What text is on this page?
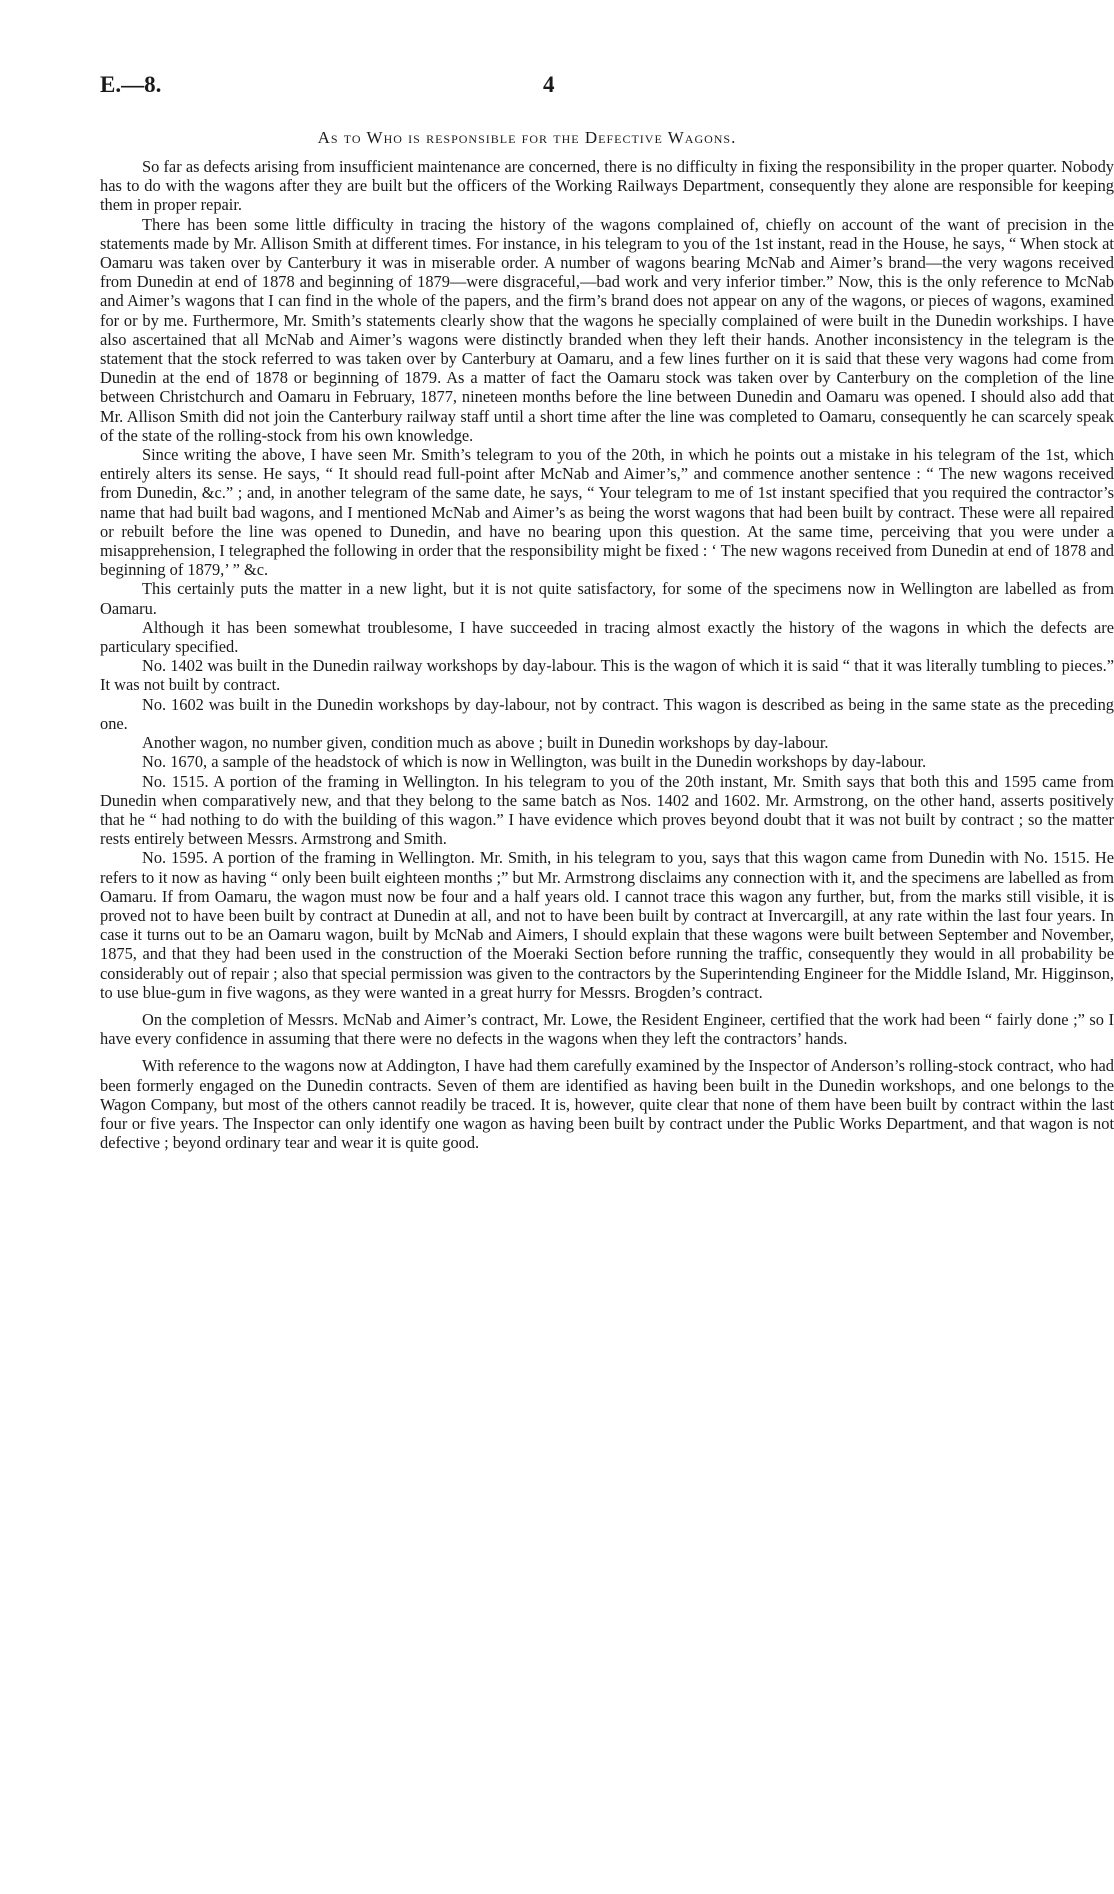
E.—8.	4
As to Who is responsible for the Defective Wagons.

So far as defects arising from insufficient maintenance are concerned, there is no difficulty in fixing the responsibility in the proper quarter. Nobody has to do with the wagons after they are built but the officers of the Working Railways Department, consequently they alone are responsible for keeping them in proper repair.

There has been some little difficulty in tracing the history of the wagons complained of, chiefly on account of the want of precision in the statements made by Mr. Allison Smith at different times. For instance, in his telegram to you of the 1st instant, read in the House, he says, “ When stock at Oamaru was taken over by Canterbury it was in miserable order. A number of wagons bearing McNab and Aimer’s brand—the very wagons received from Dunedin at end of 1878 and beginning of 1879—were disgraceful,—bad work and very inferior timber.” Now, this is the only reference to McNab and Aimer’s wagons that I can find in the whole of the papers, and the firm’s brand does not appear on any of the wagons, or pieces of wagons, examined for or by me. Furthermore, Mr. Smith’s statements clearly show that the wagons he specially complained of were built in the Dunedin workships. I have also ascertained that all McNab and Aimer’s wagons were distinctly branded when they left their hands. Another inconsistency in the telegram is the statement that the stock referred to was taken over by Canterbury at Oamaru, and a few lines further on it is said that these very wagons had come from Dunedin at the end of 1878 or beginning of 1879. As a matter of fact the Oamaru stock was taken over by Canterbury on the completion of the line between Christchurch and Oamaru in February, 1877, nineteen months before the line between Dunedin and Oamaru was opened. I should also add that Mr. Allison Smith did not join the Canterbury railway staff until a short time after the line was completed to Oamaru, consequently he can scarcely speak of the state of the rolling-stock from his own knowledge.

Since writing the above, I have seen Mr. Smith’s telegram to you of the 20th, in which he points out a mistake in his telegram of the 1st, which entirely alters its sense. He says, “ It should read full-point after McNab and Aimer’s,” and commence another sentence : “ The new wagons received from Dunedin, &c.” ; and, in another telegram of the same date, he says, “ Your telegram to me of 1st instant specified that you required the contractor’s name that had built bad wagons, and I mentioned McNab and Aimer’s as being the worst wagons that had been built by contract. These were all repaired or rebuilt before the line was opened to Dunedin, and have no bearing upon this question. At the same time, perceiving that you were under a misapprehension, I telegraphed the following in order that the responsibility might be fixed : ‘ The new wagons received from Dunedin at end of 1878 and beginning of 1879,’ ” &c.

This certainly puts the matter in a new light, but it is not quite satisfactory, for some of the specimens now in Wellington are labelled as from Oamaru.

Although it has been somewhat troublesome, I have succeeded in tracing almost exactly the history of the wagons in which the defects are particulary specified.

No. 1402 was built in the Dunedin railway workshops by day-labour. This is the wagon of which it is said “ that it was literally tumbling to pieces.” It was not built by contract.

No. 1602 was built in the Dunedin workshops by day-labour, not by contract. This wagon is described as being in the same state as the preceding one.

Another wagon, no number given, condition much as above ; built in Dunedin workshops by day-labour.

No. 1670, a sample of the headstock of which is now in Wellington, was built in the Dunedin workshops by day-labour.

No. 1515. A portion of the framing in Wellington. In his telegram to you of the 20th instant, Mr. Smith says that both this and 1595 came from Dunedin when comparatively new, and that they belong to the same batch as Nos. 1402 and 1602. Mr. Armstrong, on the other hand, asserts positively that he “ had nothing to do with the building of this wagon.” I have evidence which proves beyond doubt that it was not built by contract ; so the matter rests entirely between Messrs. Armstrong and Smith.

No. 1595. A portion of the framing in Wellington. Mr. Smith, in his telegram to you, says that this wagon came from Dunedin with No. 1515. He refers to it now as having “ only been built eighteen months ;” but Mr. Armstrong disclaims any connection with it, and the specimens are labelled as from Oamaru. If from Oamaru, the wagon must now be four and a half years old. I cannot trace this wagon any further, but, from the marks still visible, it is proved not to have been built by contract at Dunedin at all, and not to have been built by contract at Invercargill, at any rate within the last four years. In case it turns out to be an Oamaru wagon, built by McNab and Aimers, I should explain that these wagons were built between September and November, 1875, and that they had been used in the construction of the Moeraki Section before running the traffic, consequently they would in all probability be considerably out of repair ; also that special permission was given to the contractors by the Superintending Engineer for the Middle Island, Mr. Higginson, to use blue-gum in five wagons, as they were wanted in a great hurry for Messrs. Brogden’s contract.

On the completion of Messrs. McNab and Aimer’s contract, Mr. Lowe, the Resident Engineer, certified that the work had been “ fairly done ;” so I have every confidence in assuming that there were no defects in the wagons when they left the contractors’ hands.

With reference to the wagons now at Addington, I have had them carefully examined by the Inspector of Anderson’s rolling-stock contract, who had been formerly engaged on the Dunedin contracts. Seven of them are identified as having been built in the Dunedin workshops, and one belongs to the Wagon Company, but most of the others cannot readily be traced. It is, however, quite clear that none of them have been built by contract within the last four or five years. The Inspector can only identify one wagon as having been built by contract under the Public Works Department, and that wagon is not defective ; beyond ordinary tear and wear it is quite good.
